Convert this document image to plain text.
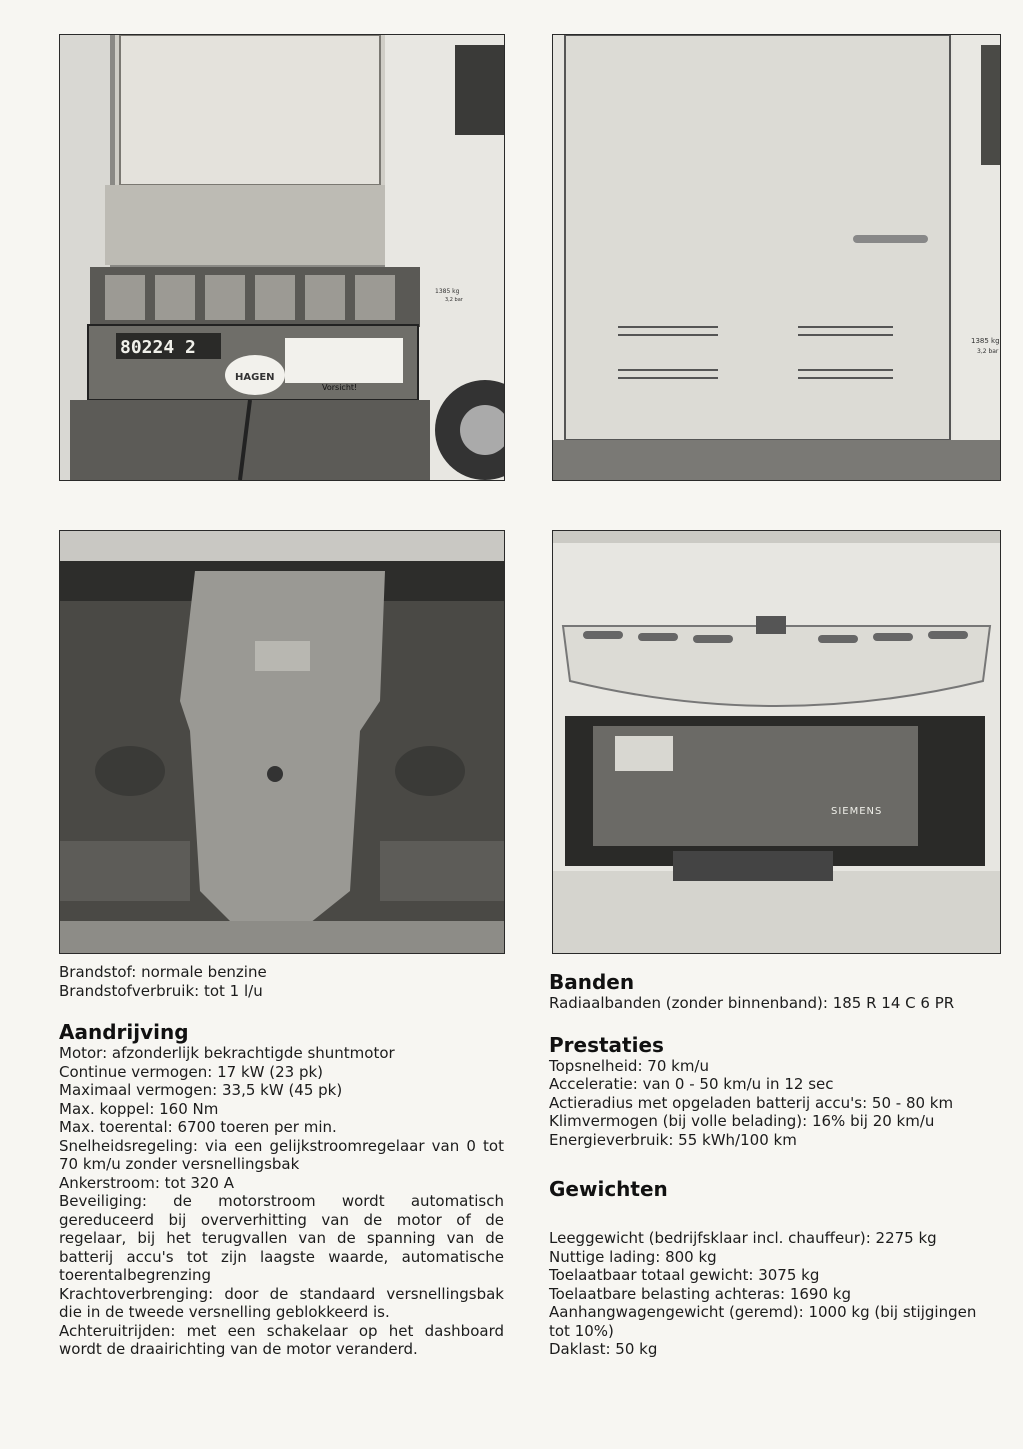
80224 2
HAGEN
Vorsicht!
1385 kg
3,2 bar
1385 kg
3,2 bar
SIEMENS

Brandstof: normale benzine

Brandstofverbruik: tot 1 l/u

Aandrijving

Motor: afzonderlijk bekrachtigde shuntmotor

Continue vermogen: 17 kW (23 pk)

Maximaal vermogen: 33,5 kW (45 pk)

Max. koppel: 160 Nm

Max. toerental: 6700 toeren per min.

Snelheidsregeling: via een gelijkstroomregelaar van 0 tot 70 km/u zonder versnellingsbak

Ankerstroom: tot 320 A

Beveiliging: de motorstroom wordt automatisch gereduceerd bij oververhitting van de motor of de regelaar, bij het terugvallen van de spanning van de batterij accu's tot zijn laagste waarde, automatische toerentalbegrenzing

Krachtoverbrenging: door de standaard versnellingsbak die in de tweede versnelling geblokkeerd is.

Achteruitrijden: met een schakelaar op het dashboard wordt de draairichting van de motor veranderd.

Banden

Radiaalbanden (zonder binnenband): 185 R 14 C 6 PR

Prestaties

Topsnelheid: 70 km/u

Acceleratie: van 0 - 50 km/u in 12 sec

Actieradius met opgeladen batterij accu's: 50 - 80 km

Klimvermogen (bij volle belading): 16% bij 20 km/u

Energieverbruik: 55 kWh/100 km

Gewichten

Leeggewicht (bedrijfsklaar incl. chauffeur): 2275 kg

Nuttige lading: 800 kg

Toelaatbaar totaal gewicht: 3075 kg

Toelaatbare belasting achteras: 1690 kg

Aanhangwagengewicht (geremd): 1000 kg (bij stijgingen tot 10%)

Daklast: 50 kg
